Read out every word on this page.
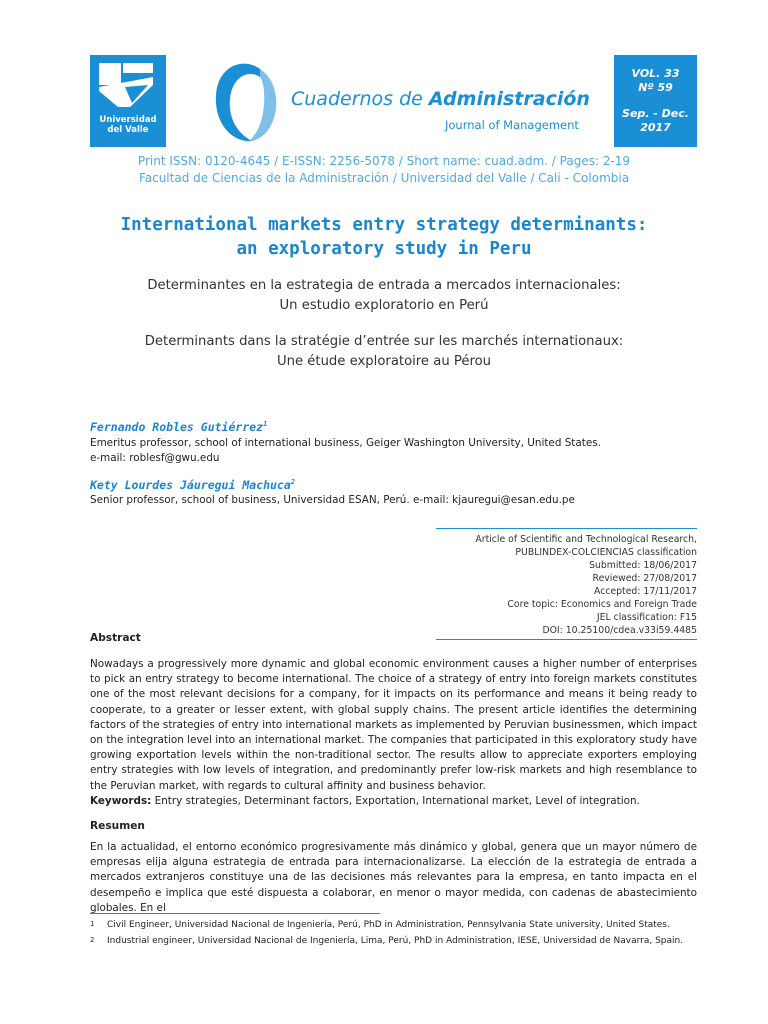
Universidad
del Valle
Cuadernos de Administración
Journal of Management
VOL. 33
Nº 59
Sep. - Dec.
2017
Print ISSN: 0120-4645 / E-ISSN: 2256-5078 / Short name: cuad.adm. / Pages: 2-19
Facultad de Ciencias de la Administración / Universidad del Valle / Cali - Colombia
International markets entry strategy determinants:
an exploratory study in Peru
Determinantes en la estrategia de entrada a mercados internacionales:
Un estudio exploratorio en Perú
Determinants dans la stratégie d’entrée sur les marchés internationaux:
Une étude exploratoire au Pérou
Fernando Robles Gutiérrez$^1$
Emeritus professor, school of international business, Geiger Washington University, United States.
e-mail: roblesf@gwu.edu
Kety Lourdes Jáuregui Machuca$^2$
Senior professor, school of business, Universidad ESAN, Perú. e-mail: kjauregui@esan.edu.pe
Article of Scientific and Technological Research,
PUBLINDEX-COLCIENCIAS classification
Submitted: 18/06/2017
Reviewed: 27/08/2017
Accepted: 17/11/2017
Core topic: Economics and Foreign Trade
JEL classification: F15
DOI: 10.25100/cdea.v33i59.4485
Abstract
Nowadays a progressively more dynamic and global economic environment causes a higher number of enterprises to pick an entry strategy to become international. The choice of a strategy of entry into foreign markets constitutes one of the most relevant decisions for a company, for it impacts on its performance and means it being ready to cooperate, to a greater or lesser extent, with global supply chains. The present article identifies the determining factors of the strategies of entry into international markets as implemented by Peruvian businessmen, which impact on the integration level into an international market. The companies that participated in this exploratory study have growing exportation levels within the non-traditional sector. The results allow to appreciate exporters employing entry strategies with low levels of integration, and predominantly prefer low-risk markets and high resemblance to the Peruvian market, with regards to cultural affinity and business behavior.
Keywords: Entry strategies, Determinant factors, Exportation, International market, Level of integration.
Resumen
En la actualidad, el entorno económico progresivamente más dinámico y global, genera que un mayor número de empresas elija alguna estrategia de entrada para internacionalizarse. La elección de la estrategia de entrada a mercados extranjeros constituye una de las decisiones más relevantes para la empresa, en tanto impacta en el desempeño e implica que esté dispuesta a colaborar, en menor o mayor medida, con cadenas de abastecimiento globales. En el
1 Civil Engineer, Universidad Nacional de Ingeniería, Perú, PhD in Administration, Pennsylvania State university, United States.
2 Industrial engineer, Universidad Nacional de Ingeniería, Lima, Perú, PhD in Administration, IESE, Universidad de Navarra, Spain.
